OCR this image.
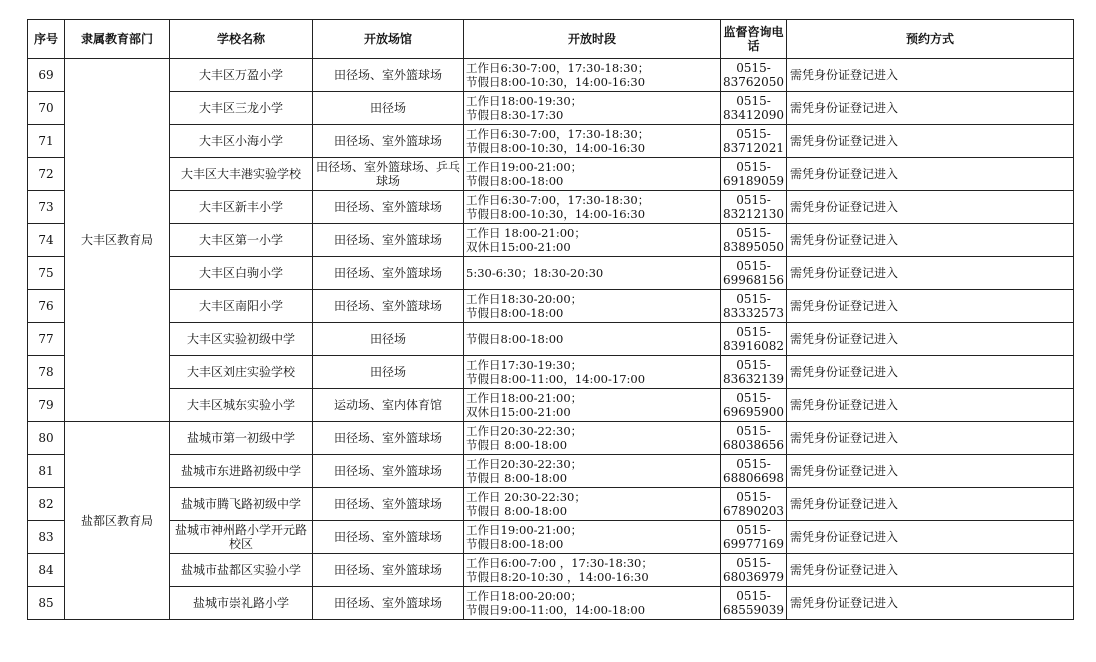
序号	隶属教育部门	学校名称	开放场馆	开放时段	监督咨询电话	预约方式
69	大丰区教育局	大丰区万盈小学	田径场、室外篮球场	工作日6:30-7:00，17:30-18:30；
节假日8:00-10:30，14:00-16:30	0515-
83762050	需凭身份证登记进入
70		大丰区三龙小学	田径场	工作日18:00-19:30；
节假日8:30-17:30	0515-
83412090	需凭身份证登记进入
71		大丰区小海小学	田径场、室外篮球场	工作日6:30-7:00，17:30-18:30；
节假日8:00-10:30，14:00-16:30	0515-
83712021	需凭身份证登记进入
72		大丰区大丰港实验学校	田径场、室外篮球场、乒乓球场	工作日19:00-21:00；
节假日8:00-18:00	0515-
69189059	需凭身份证登记进入
73		大丰区新丰小学	田径场、室外篮球场	工作日6:30-7:00，17:30-18:30；
节假日8:00-10:30，14:00-16:30	0515-
83212130	需凭身份证登记进入
74		大丰区第一小学	田径场、室外篮球场	工作日 18:00-21:00；
双休日15:00-21:00	0515-
83895050	需凭身份证登记进入
75		大丰区白驹小学	田径场、室外篮球场	5:30-6:30；18:30-20:30	0515-
69968156	需凭身份证登记进入
76		大丰区南阳小学	田径场、室外篮球场	工作日18:30-20:00；
节假日8:00-18:00	0515-
83332573	需凭身份证登记进入
77		大丰区实验初级中学	田径场	节假日8:00-18:00	0515-
83916082	需凭身份证登记进入
78		大丰区刘庄实验学校	田径场	工作日17:30-19:30；
节假日8:00-11:00，14:00-17:00	0515-
83632139	需凭身份证登记进入
79		大丰区城东实验小学	运动场、室内体育馆	工作日18:00-21:00；
双休日15:00-21:00	0515-
69695900	需凭身份证登记进入
80	盐都区教育局	盐城市第一初级中学	田径场、室外篮球场	工作日20:30-22:30；
节假日 8:00-18:00	0515-
68038656	需凭身份证登记进入
81		盐城市东进路初级中学	田径场、室外篮球场	工作日20:30-22:30；
节假日 8:00-18:00	0515-
68806698	需凭身份证登记进入
82		盐城市腾飞路初级中学	田径场、室外篮球场	工作日 20:30-22:30；
节假日 8:00-18:00	0515-
67890203	需凭身份证登记进入
83		盐城市神州路小学开元路校区	田径场、室外篮球场	工作日19:00-21:00；
节假日8:00-18:00	0515-
69977169	需凭身份证登记进入
84		盐城市盐都区实验小学	田径场、室外篮球场	工作日6:00-7:00 ，17:30-18:30；
节假日8:20-10:30 ，14:00-16:30	0515-
68036979	需凭身份证登记进入
85		盐城市崇礼路小学	田径场、室外篮球场	工作日18:00-20:00；
节假日9:00-11:00，14:00-18:00	0515-
68559039	需凭身份证登记进入
